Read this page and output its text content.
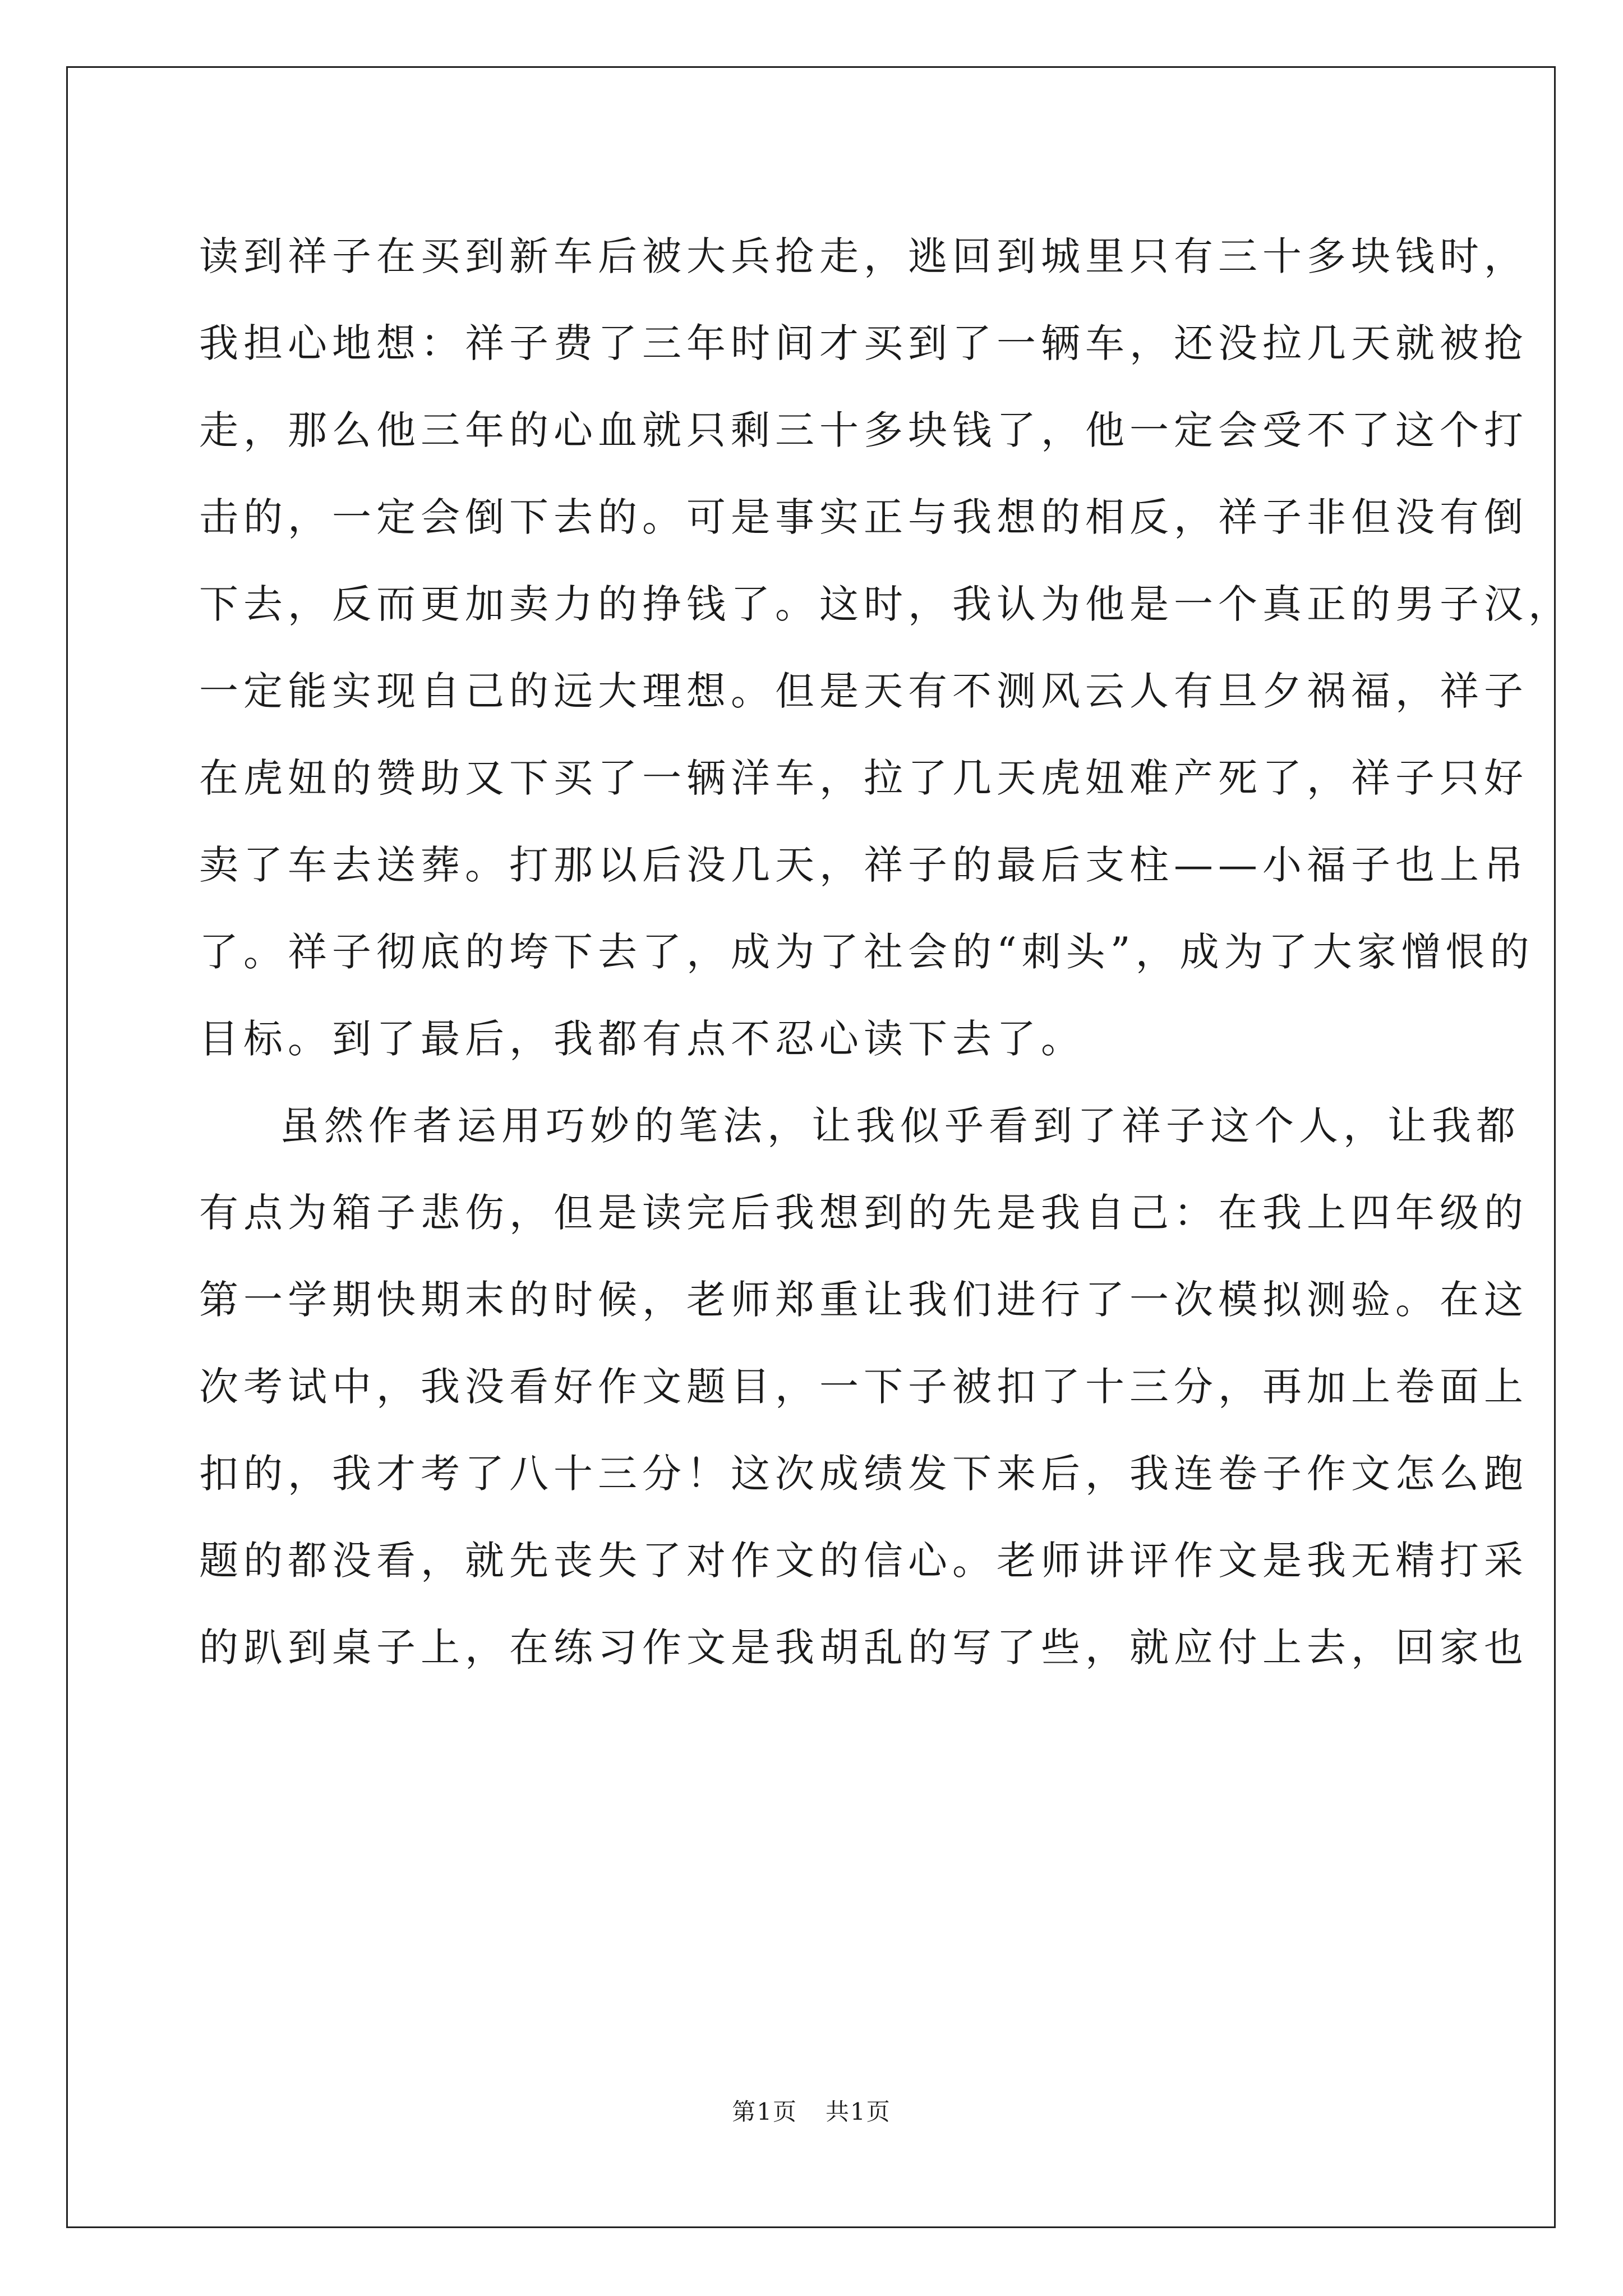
读到祥子在买到新车后被大兵抢走，逃回到城里只有三十多块钱时，
我担心地想：祥子费了三年时间才买到了一辆车，还没拉几天就被抢
走，那么他三年的心血就只剩三十多块钱了，他一定会受不了这个打
击的，一定会倒下去的。可是事实正与我想的相反，祥子非但没有倒
下去，反而更加卖力的挣钱了。这时，我认为他是一个真正的男子汉，
一定能实现自己的远大理想。但是天有不测风云人有旦夕祸福，祥子
在虎妞的赞助又下买了一辆洋车，拉了几天虎妞难产死了，祥子只好
卖了车去送葬。打那以后没几天，祥子的最后支柱——小福子也上吊
了。祥子彻底的垮下去了，成为了社会的“刺头”，成为了大家憎恨的
目标。到了最后，我都有点不忍心读下去了。
虽然作者运用巧妙的笔法，让我似乎看到了祥子这个人，让我都
有点为箱子悲伤，但是读完后我想到的先是我自己：在我上四年级的
第一学期快期末的时候，老师郑重让我们进行了一次模拟测验。在这
次考试中，我没看好作文题目，一下子被扣了十三分，再加上卷面上
扣的，我才考了八十三分！这次成绩发下来后，我连卷子作文怎么跑
题的都没看，就先丧失了对作文的信心。老师讲评作文是我无精打采
的趴到桌子上，在练习作文是我胡乱的写了些，就应付上去，回家也
第1页 共1页
